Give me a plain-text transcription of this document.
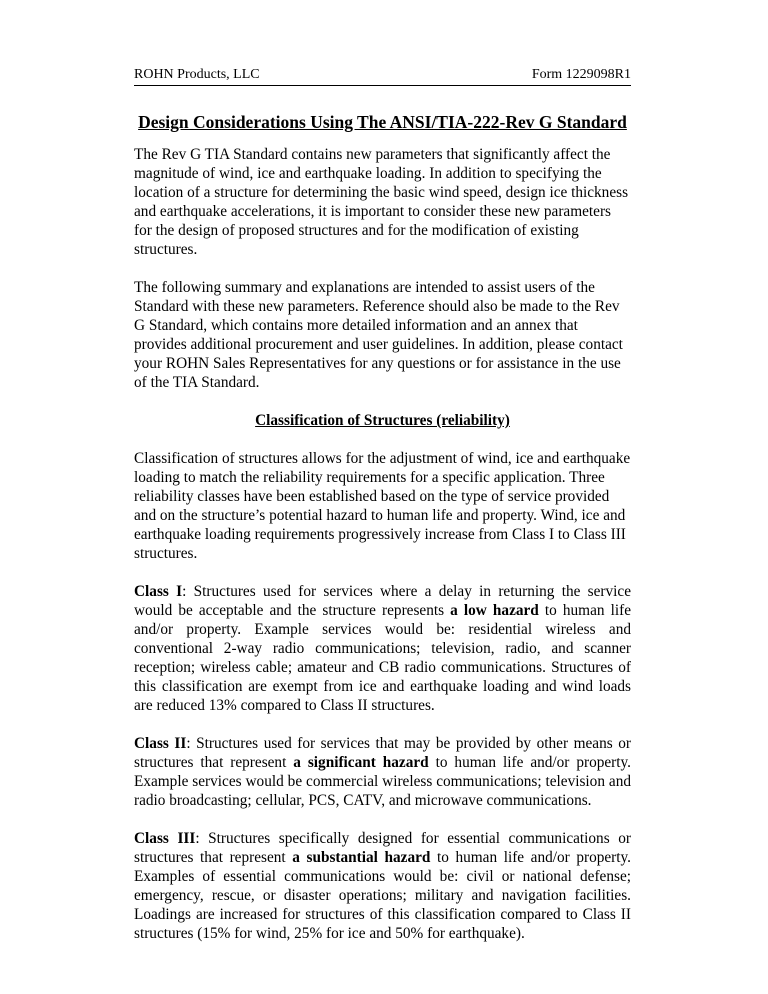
ROHN Products, LLC	Form 1229098R1
Design Considerations Using The ANSI/TIA-222-Rev G Standard

The Rev G TIA Standard contains new parameters that significantly affect the magnitude of wind, ice and earthquake loading. In addition to specifying the location of a structure for determining the basic wind speed, design ice thickness and earthquake accelerations, it is important to consider these new parameters for the design of proposed structures and for the modification of existing structures.

The following summary and explanations are intended to assist users of the Standard with these new parameters. Reference should also be made to the Rev G Standard, which contains more detailed information and an annex that provides additional procurement and user guidelines. In addition, please contact your ROHN Sales Representatives for any questions or for assistance in the use of the TIA Standard.

Classification of Structures (reliability)

Classification of structures allows for the adjustment of wind, ice and earthquake loading to match the reliability requirements for a specific application. Three reliability classes have been established based on the type of service provided and on the structure’s potential hazard to human life and property. Wind, ice and earthquake loading requirements progressively increase from Class I to Class III structures.

Class I: Structures used for services where a delay in returning the service would be acceptable and the structure represents a low hazard to human life and/or property. Example services would be: residential wireless and conventional 2-way radio communications; television, radio, and scanner reception; wireless cable; amateur and CB radio communications. Structures of this classification are exempt from ice and earthquake loading and wind loads are reduced 13% compared to Class II structures.

Class II: Structures used for services that may be provided by other means or structures that represent a significant hazard to human life and/or property. Example services would be commercial wireless communications; television and radio broadcasting; cellular, PCS, CATV, and microwave communications.

Class III: Structures specifically designed for essential communications or structures that represent a substantial hazard to human life and/or property. Examples of essential communications would be: civil or national defense; emergency, rescue, or disaster operations; military and navigation facilities. Loadings are increased for structures of this classification compared to Class II structures (15% for wind, 25% for ice and 50% for earthquake).
